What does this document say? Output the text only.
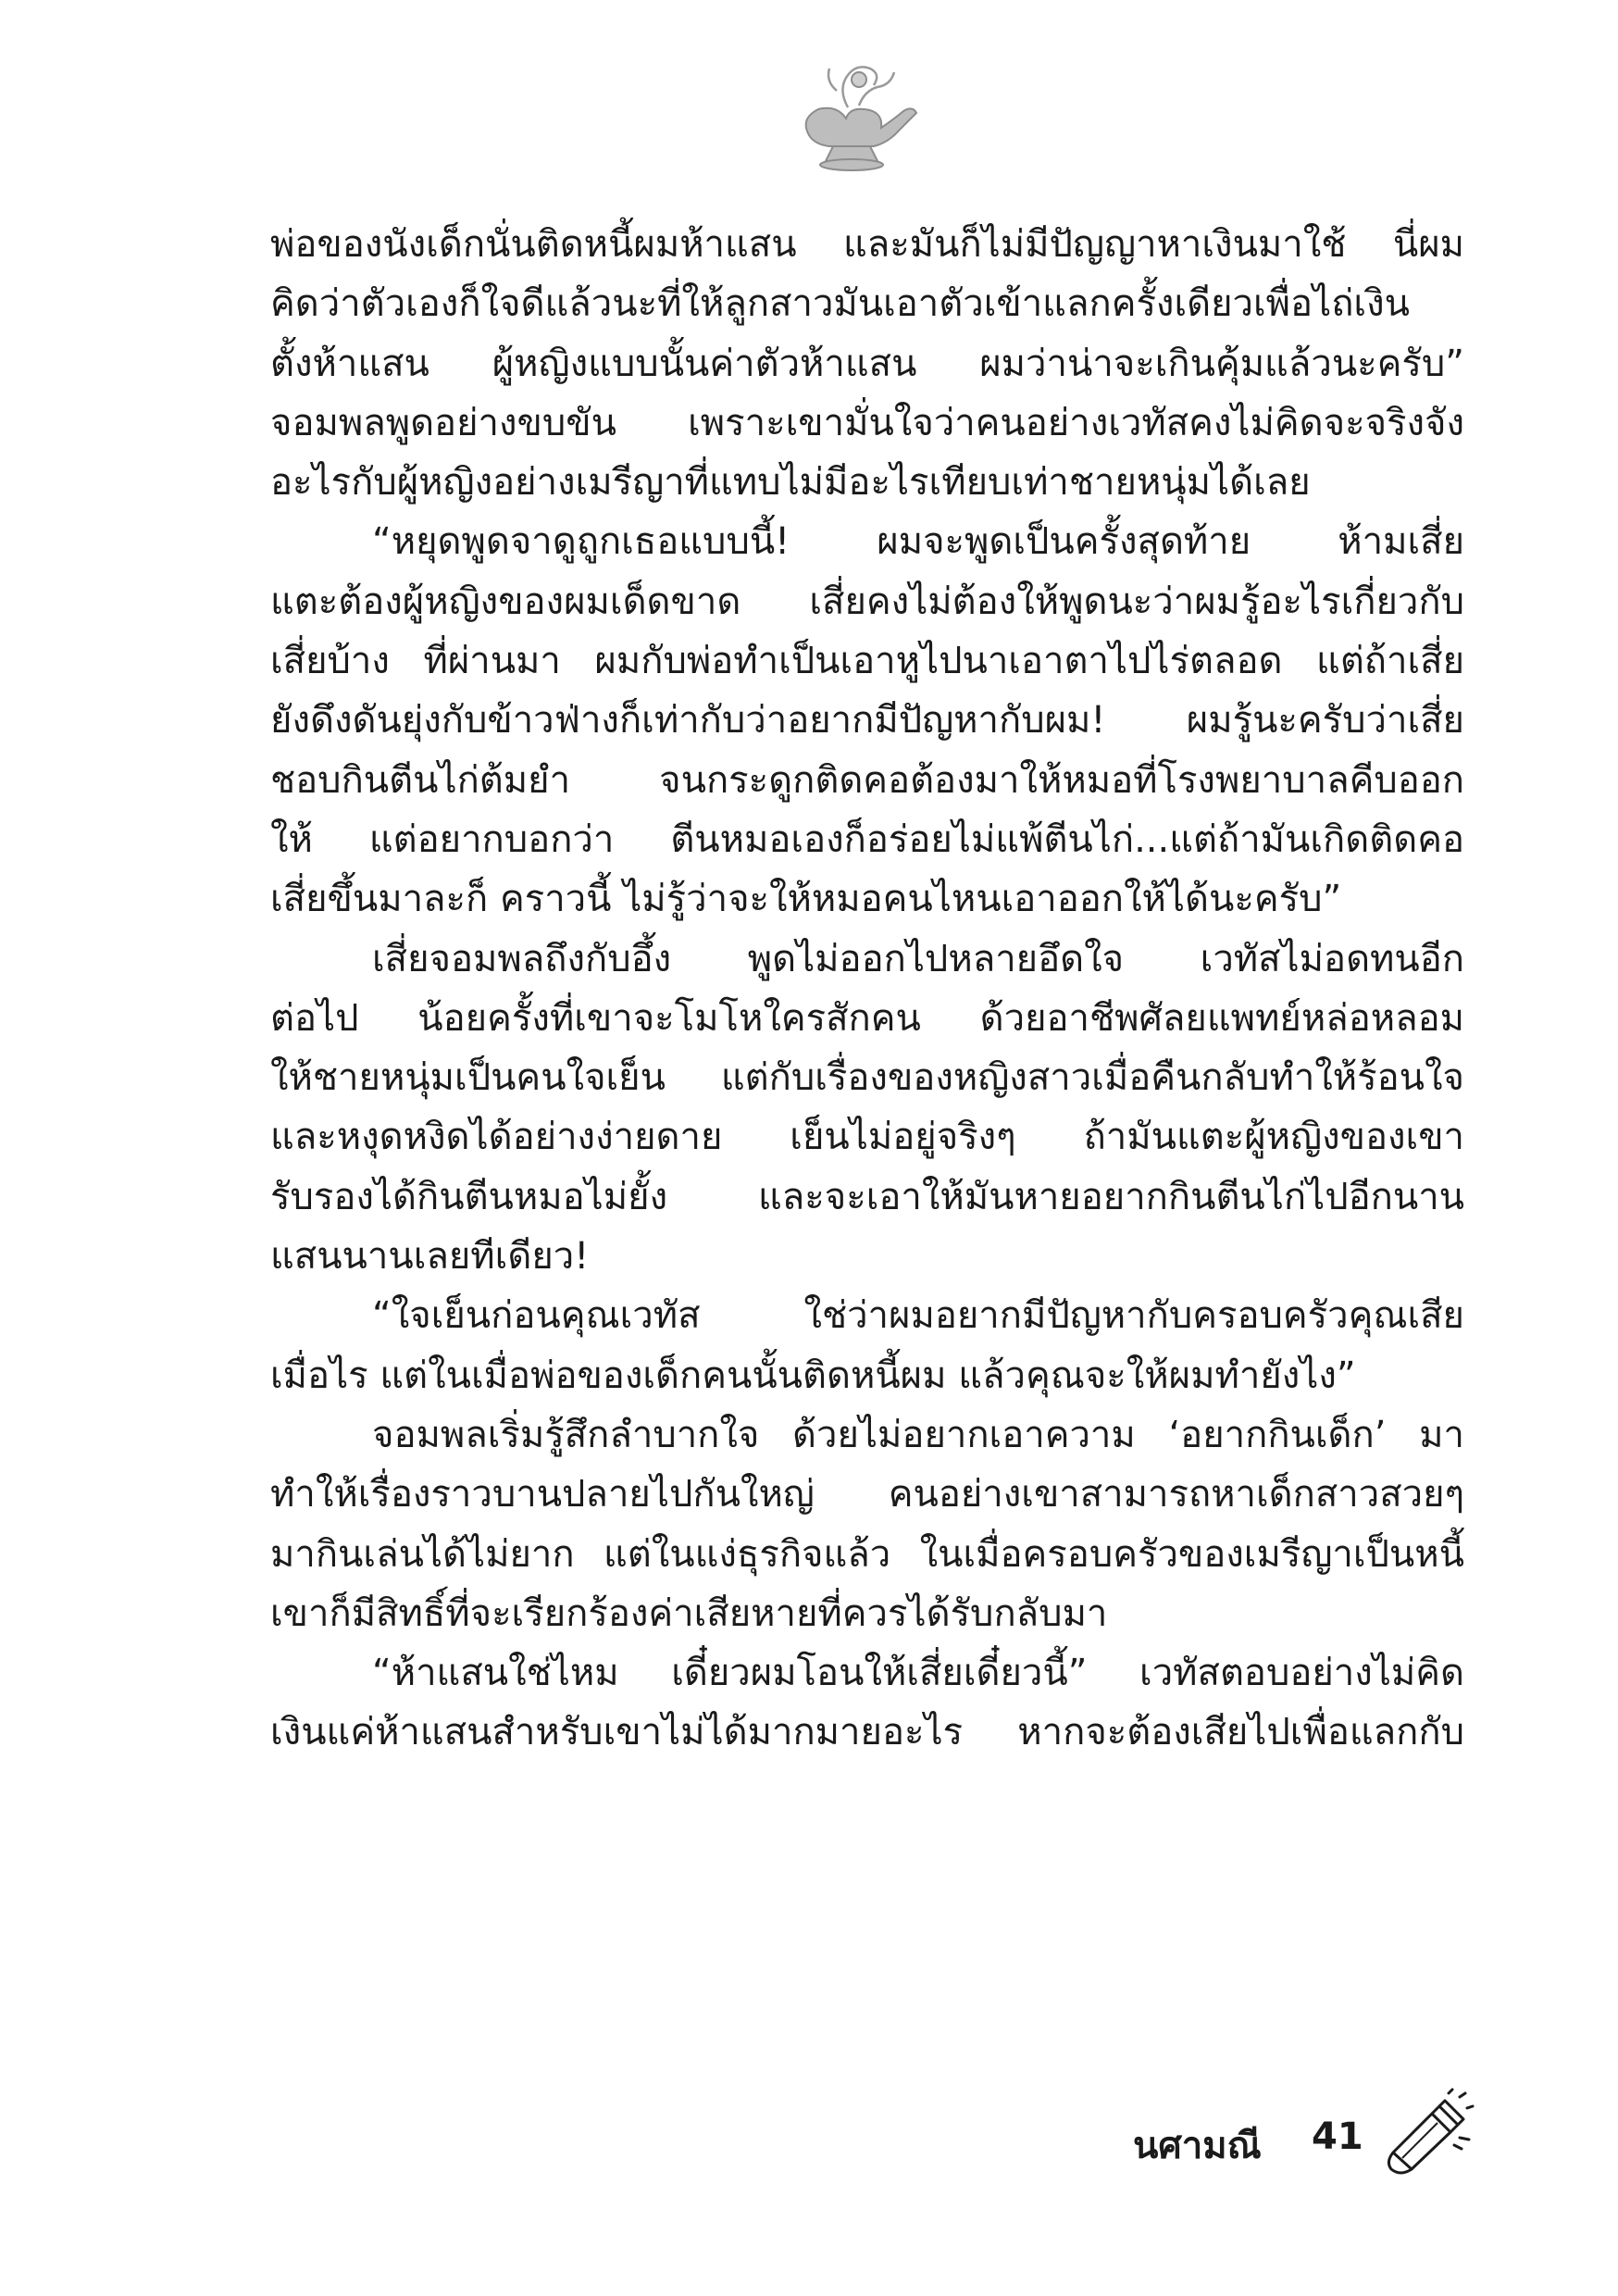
พ่อของนังเด็กนั่นติดหนี้ผมห้าแสน และมันก็ไม่มีปัญญาหาเงินมาใช้ นี่ผม
คิดว่าตัวเองก็ใจดีแล้วนะที่ให้ลูกสาวมันเอาตัวเข้าแลกครั้งเดียวเพื่อไถ่เงิน
ตั้งห้าแสน ผู้หญิงแบบนั้นค่าตัวห้าแสน ผมว่าน่าจะเกินคุ้มแล้วนะครับ”
จอมพลพูดอย่างขบขัน เพราะเขามั่นใจว่าคนอย่างเวทัสคงไม่คิดจะจริงจัง
อะไรกับผู้หญิงอย่างเมรีญาที่แทบไม่มีอะไรเทียบเท่าชายหนุ่มได้เลย
“หยุดพูดจาดูถูกเธอแบบนี้! ผมจะพูดเป็นครั้งสุดท้าย ห้ามเสี่ย
แตะต้องผู้หญิงของผมเด็ดขาด เสี่ยคงไม่ต้องให้พูดนะว่าผมรู้อะไรเกี่ยวกับ
เสี่ยบ้าง ที่ผ่านมา ผมกับพ่อทำเป็นเอาหูไปนาเอาตาไปไร่ตลอด แต่ถ้าเสี่ย
ยังดึงดันยุ่งกับข้าวฟ่างก็เท่ากับว่าอยากมีปัญหากับผม! ผมรู้นะครับว่าเสี่ย
ชอบกินตีนไก่ต้มยำ จนกระดูกติดคอต้องมาให้หมอที่โรงพยาบาลคีบออก
ให้ แต่อยากบอกว่า ตีนหมอเองก็อร่อยไม่แพ้ตีนไก่...แต่ถ้ามันเกิดติดคอ
เสี่ยขึ้นมาละก็ คราวนี้ ไม่รู้ว่าจะให้หมอคนไหนเอาออกให้ได้นะครับ”
เสี่ยจอมพลถึงกับอึ้ง พูดไม่ออกไปหลายอึดใจ เวทัสไม่อดทนอีก
ต่อไป น้อยครั้งที่เขาจะโมโหใครสักคน ด้วยอาชีพศัลยแพทย์หล่อหลอม
ให้ชายหนุ่มเป็นคนใจเย็น แต่กับเรื่องของหญิงสาวเมื่อคืนกลับทำให้ร้อนใจ
และหงุดหงิดได้อย่างง่ายดาย เย็นไม่อยู่จริงๆ ถ้ามันแตะผู้หญิงของเขา
รับรองได้กินตีนหมอไม่ยั้ง และจะเอาให้มันหายอยากกินตีนไก่ไปอีกนาน
แสนนานเลยทีเดียว!
“ใจเย็นก่อนคุณเวทัส ใช่ว่าผมอยากมีปัญหากับครอบครัวคุณเสีย
เมื่อไร แต่ในเมื่อพ่อของเด็กคนนั้นติดหนี้ผม แล้วคุณจะให้ผมทำยังไง”
จอมพลเริ่มรู้สึกลำบากใจ ด้วยไม่อยากเอาความ ‘อยากกินเด็ก’ มา
ทำให้เรื่องราวบานปลายไปกันใหญ่ คนอย่างเขาสามารถหาเด็กสาวสวยๆ
มากินเล่นได้ไม่ยาก แต่ในแง่ธุรกิจแล้ว ในเมื่อครอบครัวของเมรีญาเป็นหนี้
เขาก็มีสิทธิ์ที่จะเรียกร้องค่าเสียหายที่ควรได้รับกลับมา
“ห้าแสนใช่ไหม เดี๋ยวผมโอนให้เสี่ยเดี๋ยวนี้” เวทัสตอบอย่างไม่คิด
เงินแค่ห้าแสนสำหรับเขาไม่ได้มากมายอะไร หากจะต้องเสียไปเพื่อแลกกับ
นศามณี 41
